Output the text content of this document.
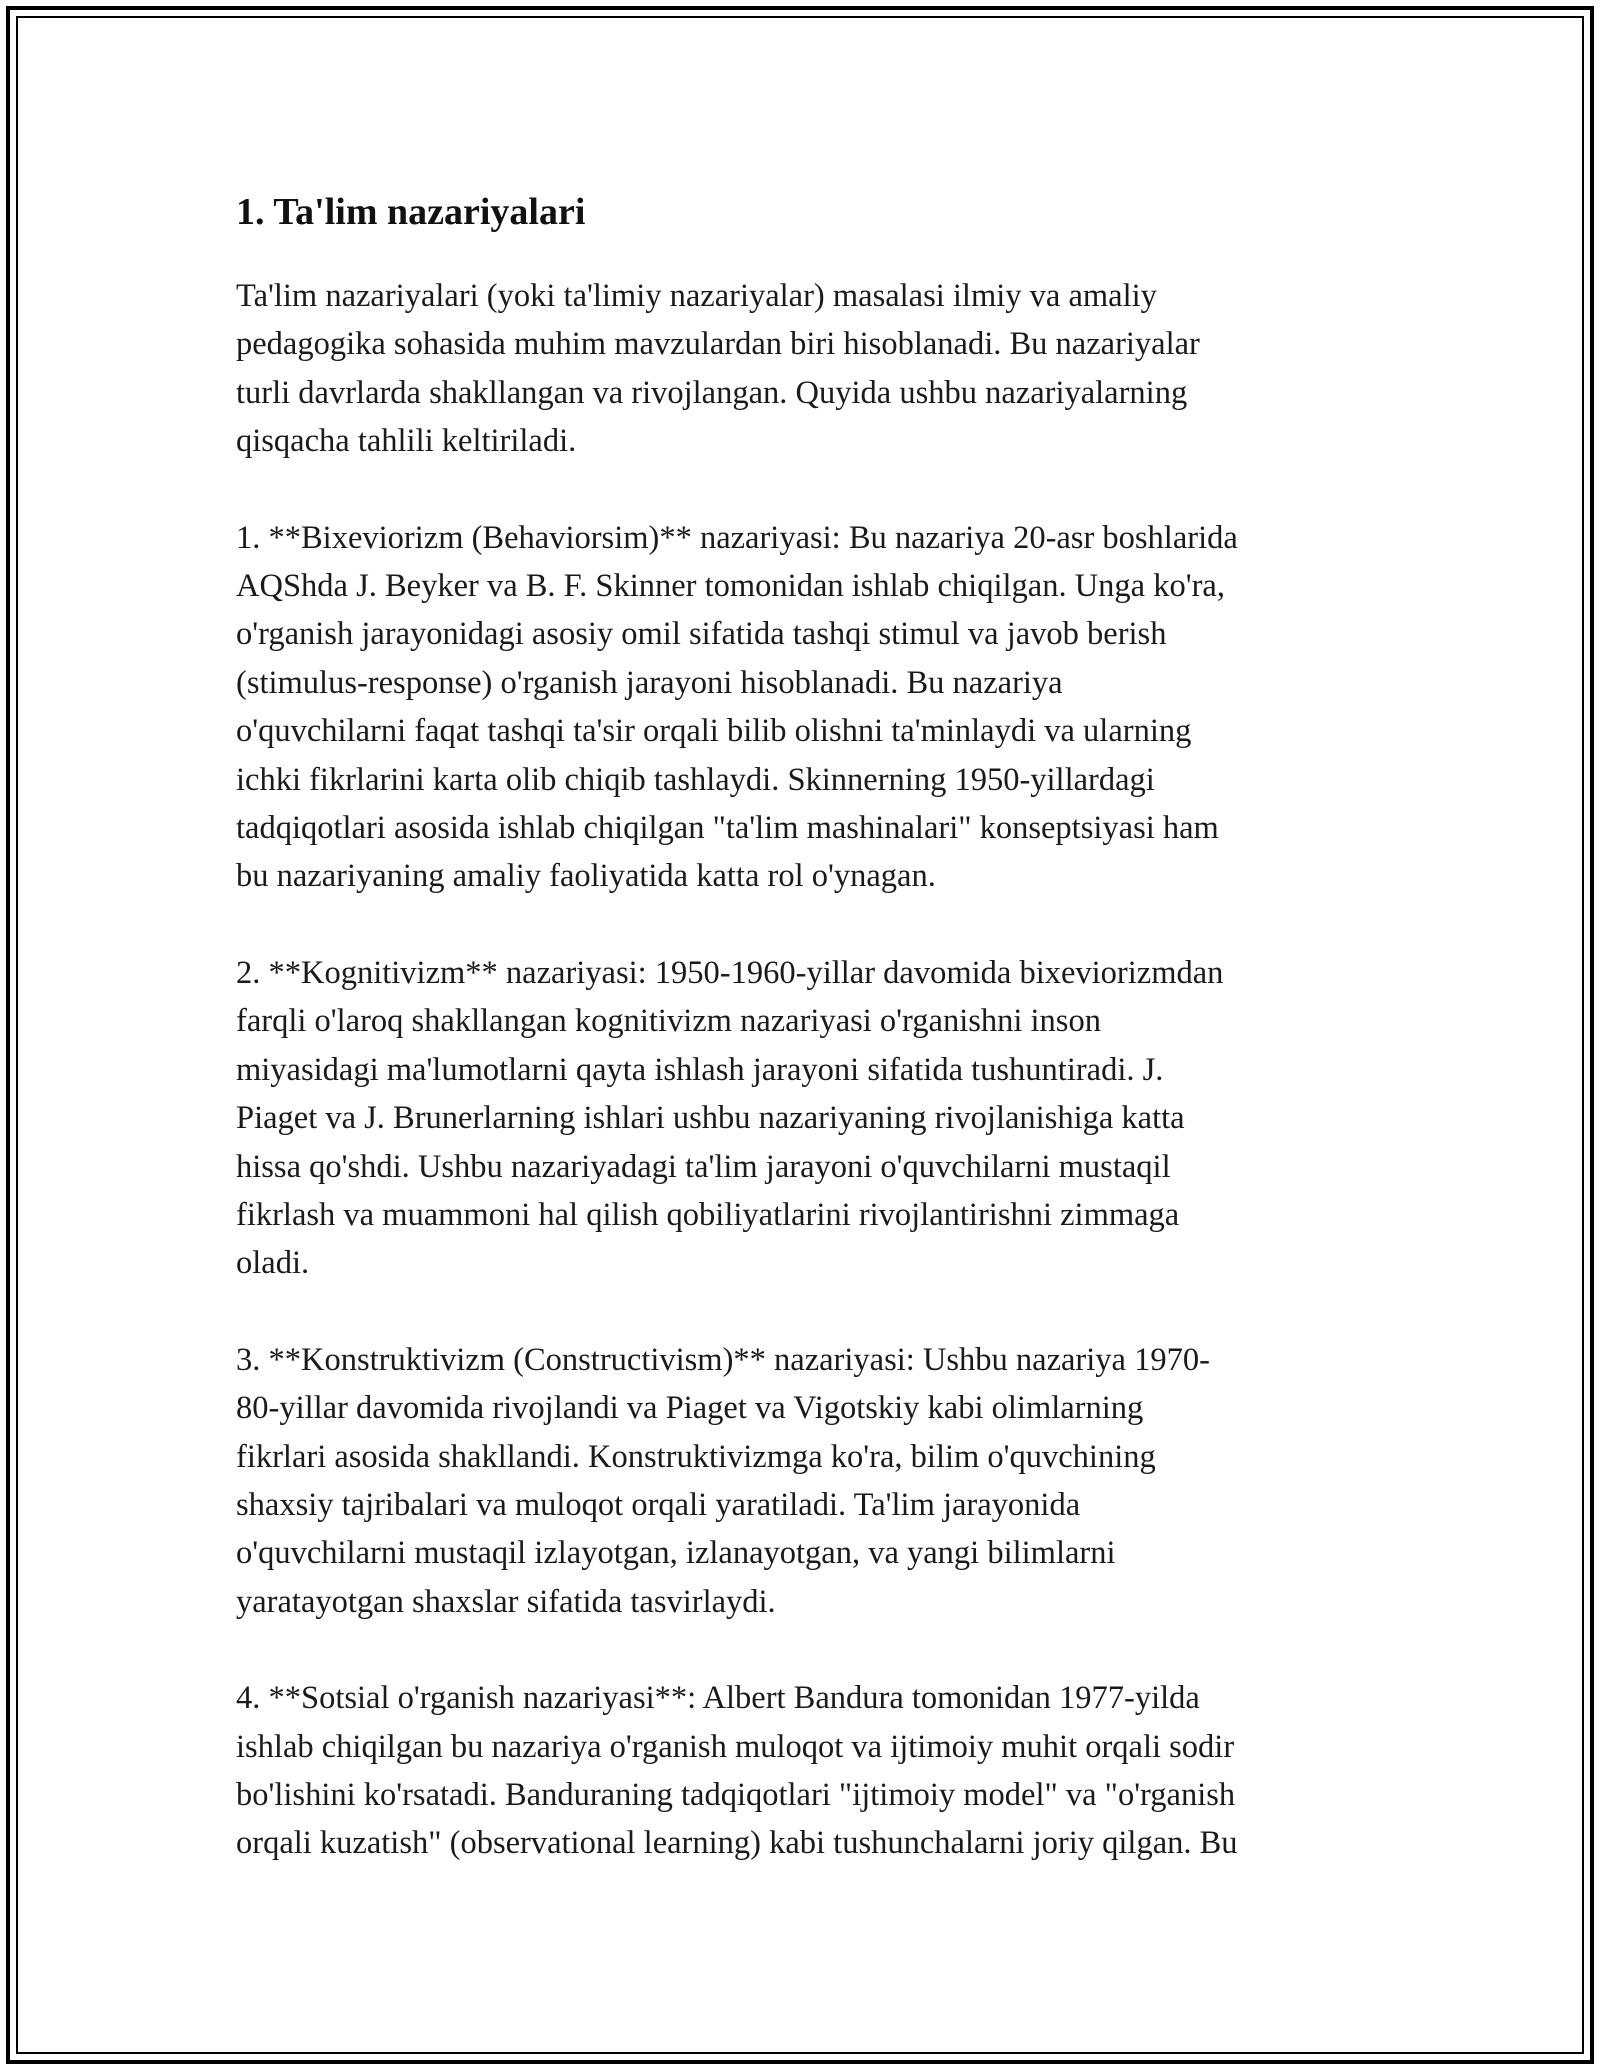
1. Ta'lim nazariyalari

Ta'lim nazariyalari (yoki ta'limiy nazariyalar) masalasi ilmiy va amaliy
pedagogika sohasida muhim mavzulardan biri hisoblanadi. Bu nazariyalar
turli davrlarda shakllangan va rivojlangan. Quyida ushbu nazariyalarning
qisqacha tahlili keltiriladi.

1. **Bixeviorizm (Behaviorsim)** nazariyasi: Bu nazariya 20-asr boshlarida
AQShda J. Beyker va B. F. Skinner tomonidan ishlab chiqilgan. Unga ko'ra,
o'rganish jarayonidagi asosiy omil sifatida tashqi stimul va javob berish
(stimulus-response) o'rganish jarayoni hisoblanadi. Bu nazariya
o'quvchilarni faqat tashqi ta'sir orqali bilib olishni ta'minlaydi va ularning
ichki fikrlarini karta olib chiqib tashlaydi. Skinnerning 1950-yillardagi
tadqiqotlari asosida ishlab chiqilgan "ta'lim mashinalari" konseptsiyasi ham
bu nazariyaning amaliy faoliyatida katta rol o'ynagan.

2. **Kognitivizm** nazariyasi: 1950-1960-yillar davomida bixeviorizmdan
farqli o'laroq shakllangan kognitivizm nazariyasi o'rganishni inson
miyasidagi ma'lumotlarni qayta ishlash jarayoni sifatida tushuntiradi. J.
Piaget va J. Brunerlarning ishlari ushbu nazariyaning rivojlanishiga katta
hissa qo'shdi. Ushbu nazariyadagi ta'lim jarayoni o'quvchilarni mustaqil
fikrlash va muammoni hal qilish qobiliyatlarini rivojlantirishni zimmaga
oladi.

3. **Konstruktivizm (Constructivism)** nazariyasi: Ushbu nazariya 1970-
80-yillar davomida rivojlandi va Piaget va Vigotskiy kabi olimlarning
fikrlari asosida shakllandi. Konstruktivizmga ko'ra, bilim o'quvchining
shaxsiy tajribalari va muloqot orqali yaratiladi. Ta'lim jarayonida
o'quvchilarni mustaqil izlayotgan, izlanayotgan, va yangi bilimlarni
yaratayotgan shaxslar sifatida tasvirlaydi.

4. **Sotsial o'rganish nazariyasi**: Albert Bandura tomonidan 1977-yilda
ishlab chiqilgan bu nazariya o'rganish muloqot va ijtimoiy muhit orqali sodir
bo'lishini ko'rsatadi. Banduraning tadqiqotlari "ijtimoiy model" va "o'rganish
orqali kuzatish" (observational learning) kabi tushunchalarni joriy qilgan. Bu
